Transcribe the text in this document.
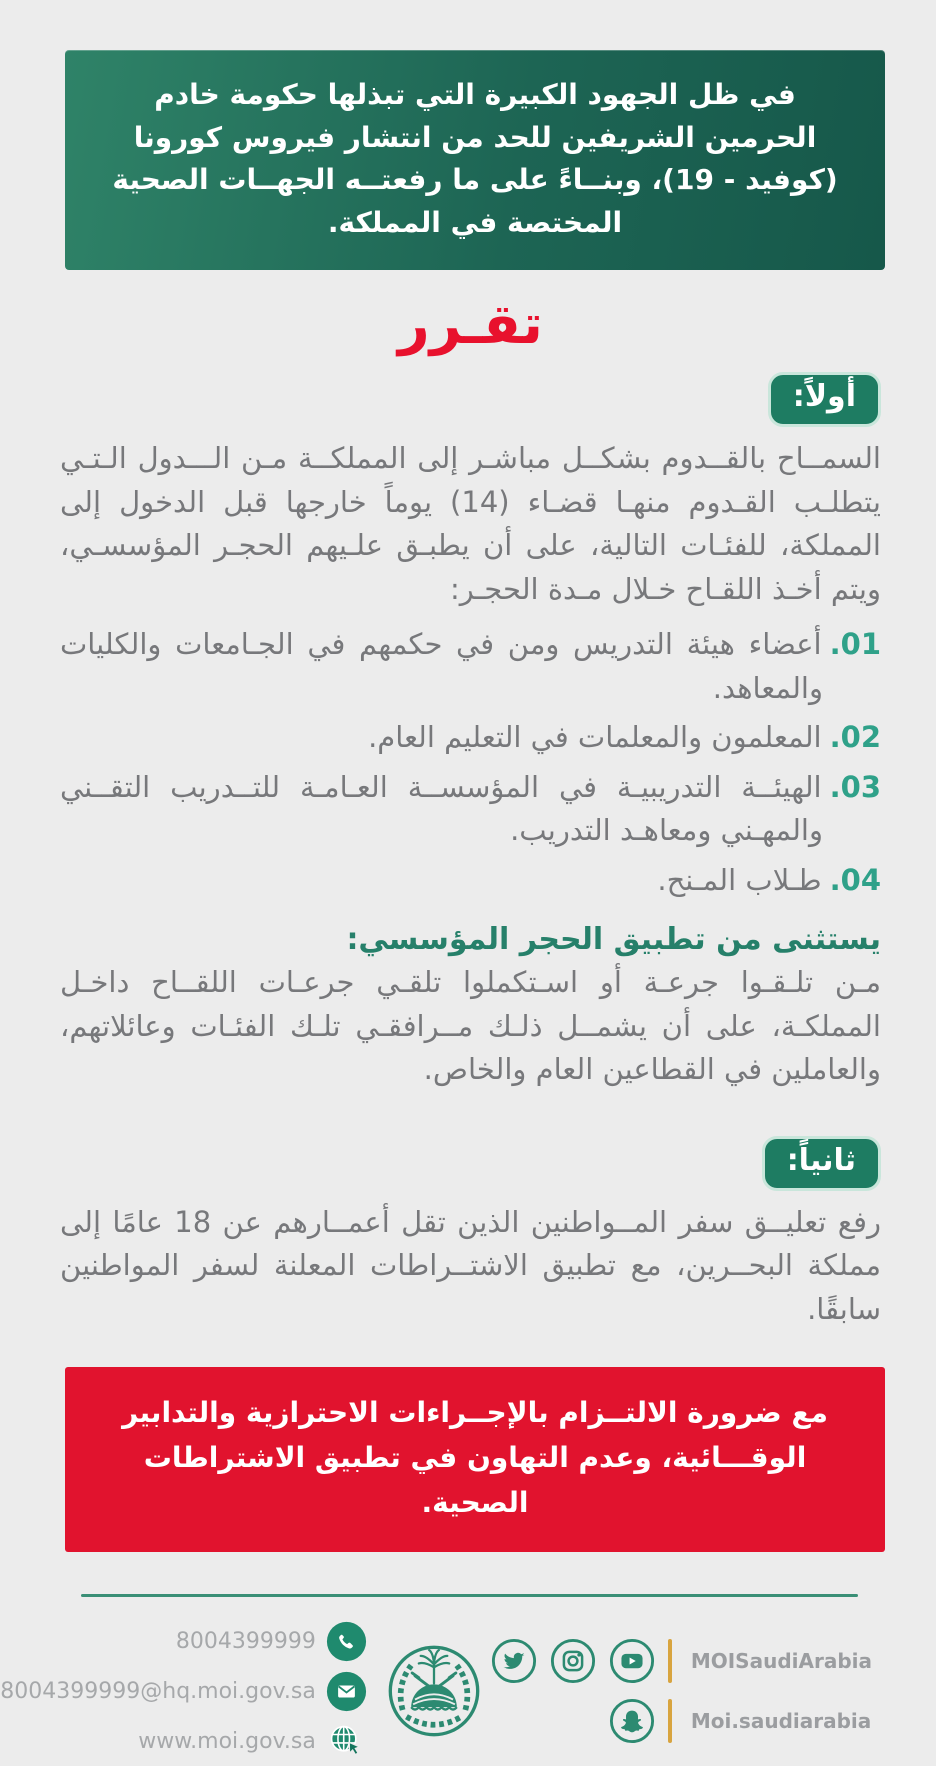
في ظل الجهود الكبيرة التي تبذلها حكومة خادم الحرمين الشريفين للحد من انتشار فيروس كورونا (كوفيد - 19)، وبنــاءً على ما رفعتــه الجهــات الصحية المختصة في المملكة.

تقـرر
أولاً:

السمــاح بالقــدوم بشكــل مباشـر إلى المملكــة مـن الـــدول الـتـي يتطلـب القـدوم منهـا قضـاء (14) يوماً خارجها قبل الدخول إلى المملكة، للفئـات التالية، على أن يطبـق علـيهم الحجـر المؤسسـي، ويتم أخـذ اللقـاح خـلال مـدة الحجـر:

01.أعضاء هيئة التدريس ومن في حكمهم في الجـامعات والكليات والمعاهد.
02.المعلمون والمعلمات في التعليم العام.
03.الهيئــة التدريبيـة في المؤسســة العـامـة للتــدريب التقــني والمهـني ومعاهـد التدريب.
04.طـلاب المـنح.
يستثنى من تطبيق الحجر المؤسسي:

مـن تلـقـوا جرعـة أو اسـتكملوا تلقـي جرعـات اللقــاح داخـل المملكـة، على أن يشمــل ذلـك مــرافقـي تلـك الفئـات وعائلاتهم، والعاملين في القطاعين العام والخاص.

ثانياً:

رفع تعليــق سفر المــواطنين الذين تقل أعمــارهم عن 18 عامًا إلى مملكة البحــرين، مع تطبيق الاشتــراطات المعلنة لسفر المواطنين سابقًا.

مع ضرورة الالتــزام بالإجــراءات الاحترازية والتدابير الوقـــائية، وعدم التهاون في تطبيق الاشتراطات الصحية.

MOISaudiArabia
Moi.saudiarabia
8004399999
8004399999@hq.moi.gov.sa
www.moi.gov.sa
